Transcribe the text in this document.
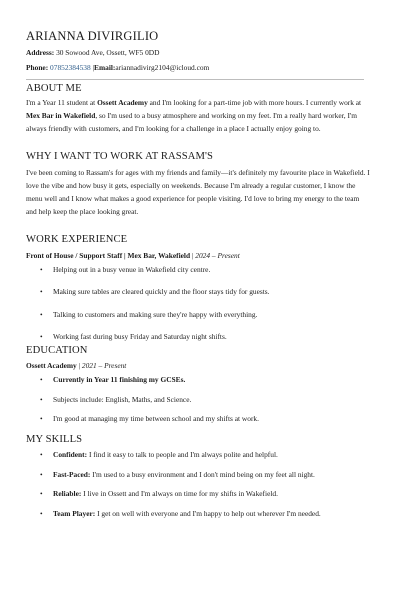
ARIANNA DIVIRGILIO
Address: 30 Sowood Ave, Ossett, WF5 0DD
Phone: 07852384538 |Email:ariannadivirg2104@icloud.com
ABOUT ME
I'm a Year 11 student at Ossett Academy and I'm looking for a part-time job with more hours. I currently work at Mex Bar in Wakefield, so I'm used to a busy atmosphere and working on my feet. I'm a really hard worker, I'm always friendly with customers, and I'm looking for a challenge in a place I actually enjoy going to.
WHY I WANT TO WORK AT RASSAM'S
I've been coming to Rassam's for ages with my friends and family—it's definitely my favourite place in Wakefield. I love the vibe and how busy it gets, especially on weekends. Because I'm already a regular customer, I know the menu well and I know what makes a good experience for people visiting. I'd love to bring my energy to the team and help keep the place looking great.
WORK EXPERIENCE
Front of House / Support Staff | Mex Bar, Wakefield | 2024 – Present
• Helping out in a busy venue in Wakefield city centre.
• Making sure tables are cleared quickly and the floor stays tidy for guests.
• Talking to customers and making sure they're happy with everything.
• Working fast during busy Friday and Saturday night shifts.
EDUCATION
Ossett Academy | 2021 – Present
• Currently in Year 11 finishing my GCSEs.
• Subjects include: English, Maths, and Science.
• I'm good at managing my time between school and my shifts at work.
MY SKILLS
• Confident: I find it easy to talk to people and I'm always polite and helpful.
• Fast-Paced: I'm used to a busy environment and I don't mind being on my feet all night.
• Reliable: I live in Ossett and I'm always on time for my shifts in Wakefield.
• Team Player: I get on well with everyone and I'm happy to help out wherever I'm needed.
